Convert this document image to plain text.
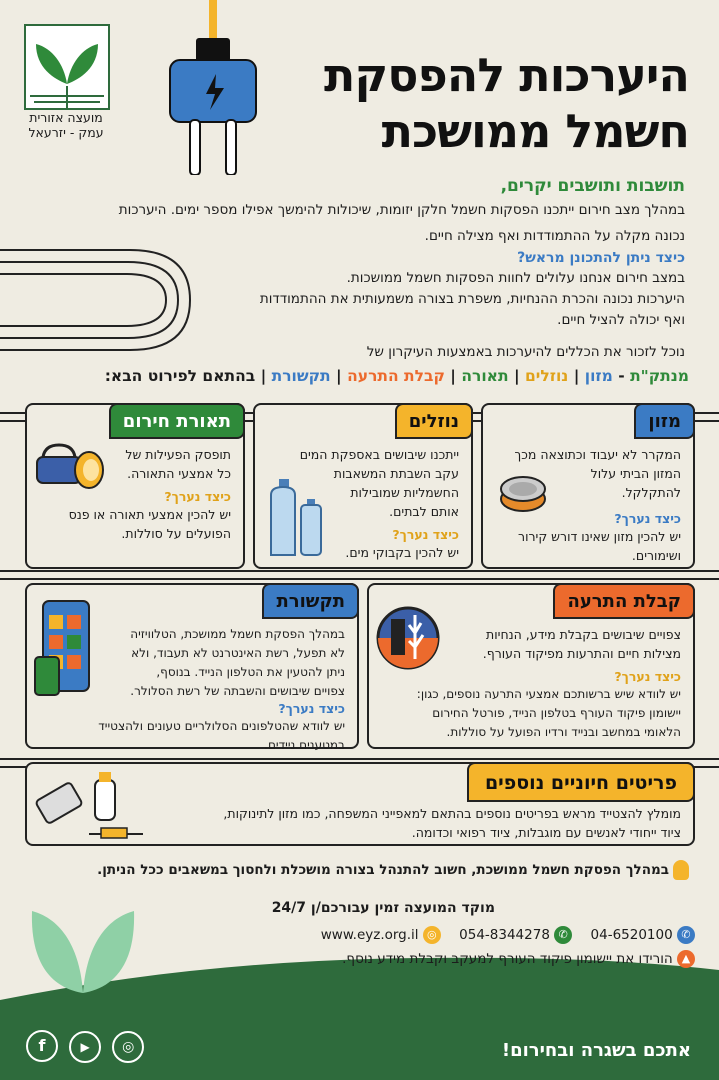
מועצה אזורית
עמק - יזרעאל
היערכות להפסקת
חשמל ממושכת
תושבות ותושבים יקרים,
במהלך מצב חירום ייתכנו הפסקות חשמל חלקן יזומות, שיכולות להימשך אפילו מספר ימים. היערכות
נכונה מקלה על ההתמודדות ואף מצילה חיים.
כיצד ניתן להתכונן מראש?
במצב חירום אנחנו עלולים לחוות הפסקות חשמל ממושכות.
היערכות נכונה והכרת ההנחיות, משפרת בצורה משמעותית את ההתמודדות
ואף יכולה להציל חיים.
נוכל לזכור את הכללים להיערכות באמצעות העיקרון של
מנתק"ת - מזון | נוזלים | תאורה | קבלת התרעה | תקשורת | בהתאם לפירוט הבא:
מזון
המקרר לא יעבוד וכתוצאה מכך
המזון הביתי עלול
להתקלקל.
כיצד נערך?
יש להכין מזון שאינו דורש קירור
ושימורים.
נוזלים
ייתכנו שיבושים באספקת המים
עקב השבתת המשאבות
החשמליות שמובילות
אותם לבתים.
כיצד נערך?
יש להכין בקבוקי מים.
תאורת חירום
תופסק הפעילות של
כל אמצעי התאורה.
כיצד נערך?
יש להכין אמצעי תאורה או פנס
הפועלים על סוללות.
קבלת התרעה
צפויים שיבושים בקבלת מידע, הנחיות
מצילות חיים והתרעות מפיקוד העורף.
כיצד נערך?
יש לוודא שיש ברשותכם אמצעי התרעה נוספים, כגון:
יישומון פיקוד העורף בטלפון הנייד, פורטל החירום
הלאומי במחשב ובנייד ורדיו הפועל על סוללות.
תקשורת
במהלך הפסקת חשמל ממושכת, הטלוויזיה
לא תפעל, רשת האינטרנט לא תעבוד, ולא
ניתן להטעין את הטלפון הנייד. בנוסף,
צפויים שיבושים והשבתה של רשת הסלולר.
כיצד נערך?
יש לוודא שהטלפונים הסלולריים טעונים ולהצטייד
במטענים ניידים.
פריטים חיוניים נוספים
מומלץ להצטייד מראש בפריטים נוספים בהתאם למאפייני המשפחה, כמו מזון לתינוקות,
ציוד ייחודי לאנשים עם מוגבלות, ציוד רפואי וכדומה.
במהלך הפסקת חשמל ממושכת, חשוב להתנהל בצורה מושכלת ולחסוך במשאבים ככל הניתן.
מוקד המועצה זמין עבורכם/ן 24/7
✆ 04-6520100 ✆ 054-8344278 ◎ www.eyz.org.il
▲ הורידו את יישומון פיקוד העורף למעקב וקבלת מידע נוסף.
אתכם בשגרה ובחירום!
f	▶ ◎
